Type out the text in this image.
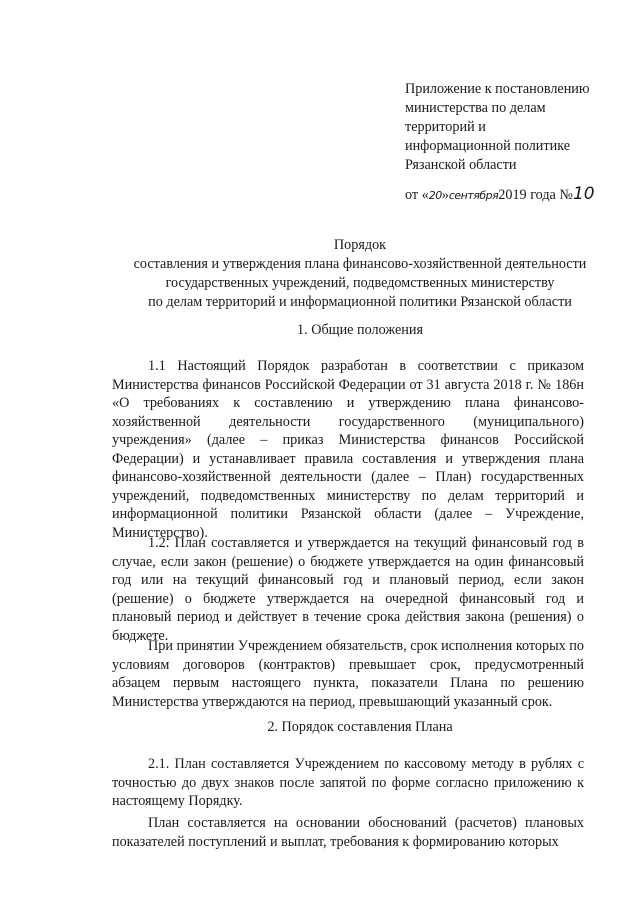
Приложение к постановлению
министерства по делам
территорий и
информационной политике
Рязанской области
от «20»сентября2019 года №10
Порядок
составления и утверждения плана финансово-хозяйственной деятельности
государственных учреждений, подведомственных министерству
по делам территорий и информационной политики Рязанской области
1. Общие положения

1.1 Настоящий Порядок разработан в соответствии с приказом Министерства финансов Российской Федерации от 31 августа 2018 г. № 186н «О требованиях к составлению и утверждению плана финансово-хозяйственной деятельности государственного (муниципального) учреждения» (далее – приказ Министерства финансов Российской Федерации) и устанавливает правила составления и утверждения плана финансово-хозяйственной деятельности (далее – План) государственных учреждений, подведомственных министерству по делам территорий и информационной политики Рязанской области (далее – Учреждение, Министерство).

1.2. План составляется и утверждается на текущий финансовый год в случае, если закон (решение) о бюджете утверждается на один финансовый год или на текущий финансовый год и плановый период, если закон (решение) о бюджете утверждается на очередной финансовый год и плановый период и действует в течение срока действия закона (решения) о бюджете.

При принятии Учреждением обязательств, срок исполнения которых по условиям договоров (контрактов) превышает срок, предусмотренный абзацем первым настоящего пункта, показатели Плана по решению Министерства утверждаются на период, превышающий указанный срок.

2. Порядок составления Плана

2.1. План составляется Учреждением по кассовому методу в рублях с точностью до двух знаков после запятой по форме согласно приложению к настоящему Порядку.

План составляется на основании обоснований (расчетов) плановых показателей поступлений и выплат, требования к формированию которых
